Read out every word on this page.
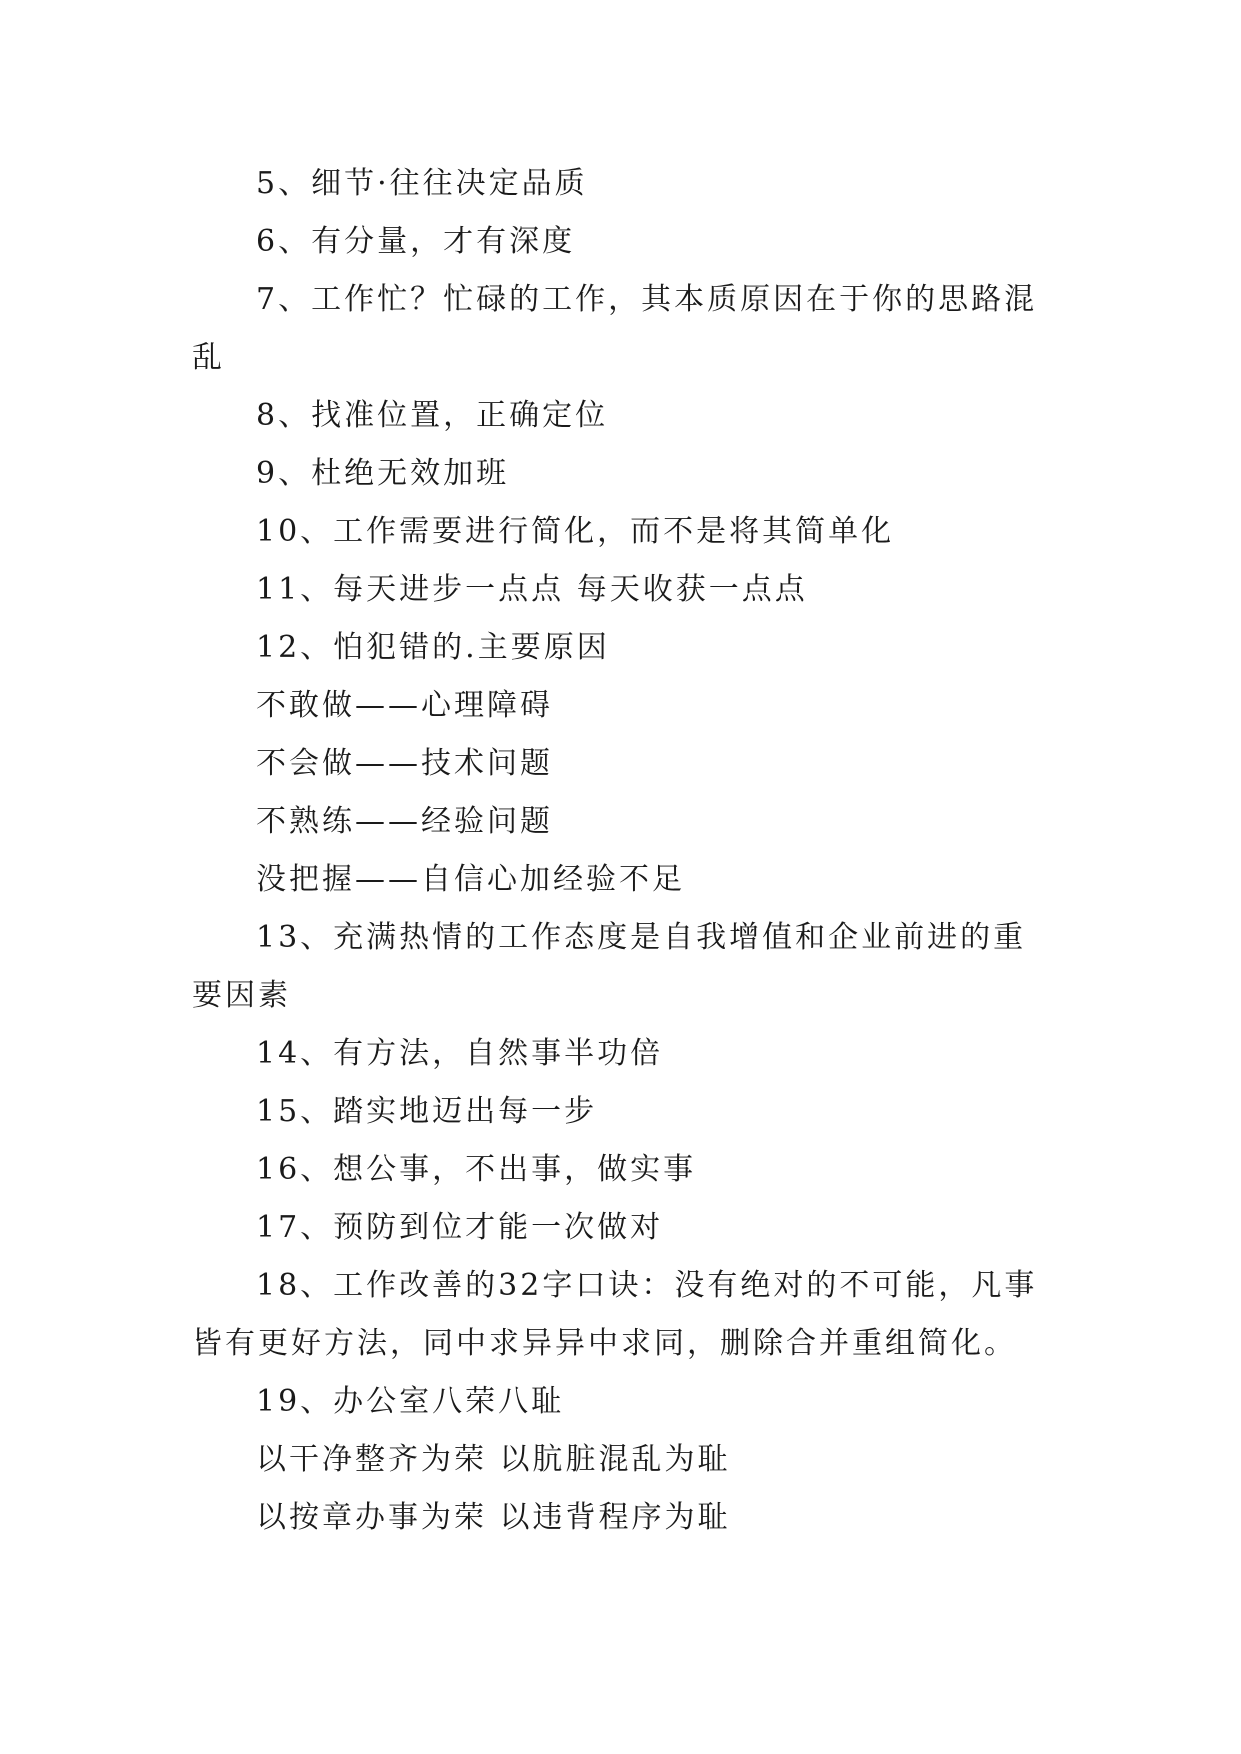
5、细节·往往决定品质

6、有分量，才有深度

7、工作忙？忙碌的工作，其本质原因在于你的思路混乱

8、找准位置，正确定位

9、杜绝无效加班

10、工作需要进行简化，而不是将其简单化

11、每天进步一点点 每天收获一点点

12、怕犯错的.主要原因

不敢做——心理障碍

不会做——技术问题

不熟练——经验问题

没把握——自信心加经验不足

13、充满热情的工作态度是自我增值和企业前进的重要因素

14、有方法，自然事半功倍

15、踏实地迈出每一步

16、想公事，不出事，做实事

17、预防到位才能一次做对

18、工作改善的32字口诀：没有绝对的不可能，凡事皆有更好方法，同中求异异中求同，删除合并重组简化。

19、办公室八荣八耻

以干净整齐为荣 以肮脏混乱为耻

以按章办事为荣 以违背程序为耻
